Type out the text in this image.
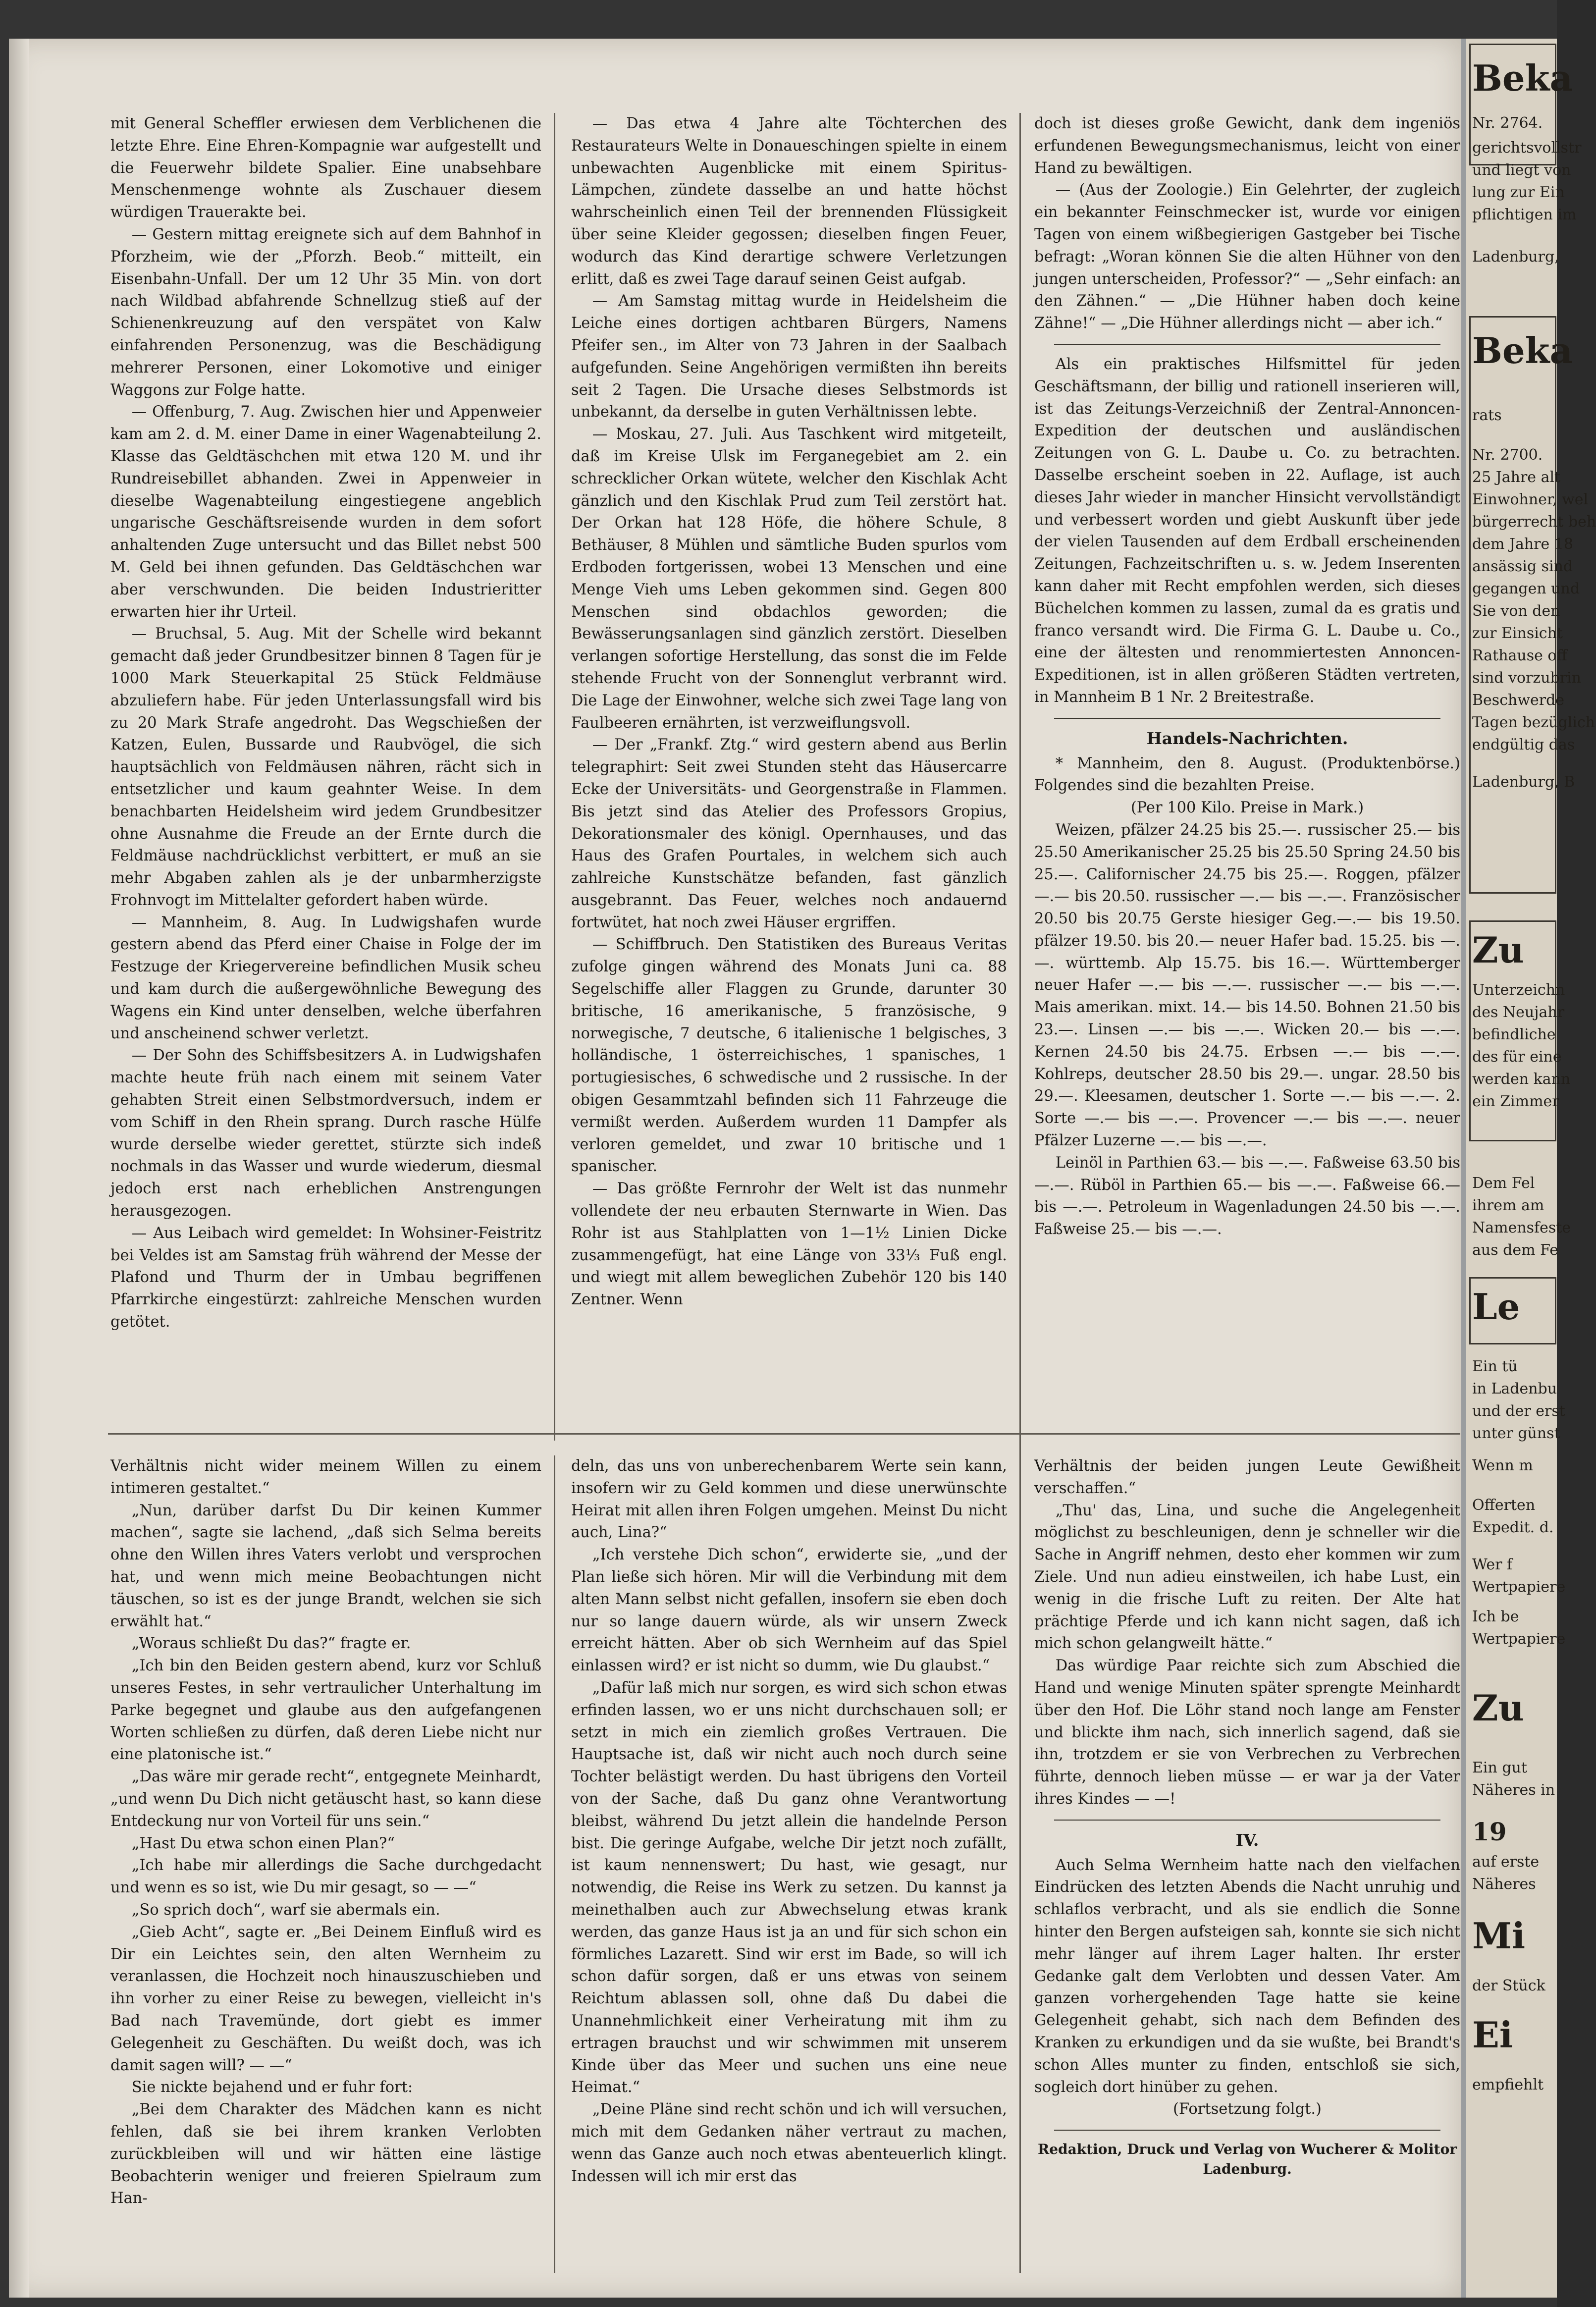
mit General Scheffler erwiesen dem Verblichenen die letzte Ehre. Eine Ehren-Kompagnie war aufgestellt und die Feuerwehr bildete Spalier. Eine unabsehbare Menschenmenge wohnte als Zuschauer diesem würdigen Trauerakte bei.

— Gestern mittag ereignete sich auf dem Bahnhof in Pforzheim, wie der „Pforzh. Beob.“ mitteilt, ein Eisenbahn-Unfall. Der um 12 Uhr 35 Min. von dort nach Wildbad abfahrende Schnellzug stieß auf der Schienenkreuzung auf den verspätet von Kalw einfahrenden Personenzug, was die Beschädigung mehrerer Personen, einer Lokomotive und einiger Waggons zur Folge hatte.

— Offenburg, 7. Aug. Zwischen hier und Appenweier kam am 2. d. M. einer Dame in einer Wagenabteilung 2. Klasse das Geldtäschchen mit etwa 120 M. und ihr Rundreisebillet abhanden. Zwei in Appenweier in dieselbe Wagenabteilung eingestiegene angeblich ungarische Geschäftsreisende wurden in dem sofort anhaltenden Zuge untersucht und das Billet nebst 500 M. Geld bei ihnen gefunden. Das Geldtäschchen war aber verschwunden. Die beiden Industrieritter erwarten hier ihr Urteil.

— Bruchsal, 5. Aug. Mit der Schelle wird bekannt gemacht daß jeder Grundbesitzer binnen 8 Tagen für je 1000 Mark Steuerkapital 25 Stück Feldmäuse abzuliefern habe. Für jeden Unterlassungsfall wird bis zu 20 Mark Strafe angedroht. Das Wegschießen der Katzen, Eulen, Bussarde und Raubvögel, die sich hauptsächlich von Feldmäusen nähren, rächt sich in entsetzlicher und kaum geahnter Weise. In dem benachbarten Heidelsheim wird jedem Grundbesitzer ohne Ausnahme die Freude an der Ernte durch die Feldmäuse nachdrücklichst verbittert, er muß an sie mehr Abgaben zahlen als je der unbarmherzigste Frohnvogt im Mittelalter gefordert haben würde.

— Mannheim, 8. Aug. In Ludwigshafen wurde gestern abend das Pferd einer Chaise in Folge der im Festzuge der Kriegervereine befindlichen Musik scheu und kam durch die außergewöhnliche Bewegung des Wagens ein Kind unter denselben, welche überfahren und anscheinend schwer verletzt.

— Der Sohn des Schiffsbesitzers A. in Ludwigshafen machte heute früh nach einem mit seinem Vater gehabten Streit einen Selbstmordversuch, indem er vom Schiff in den Rhein sprang. Durch rasche Hülfe wurde derselbe wieder gerettet, stürzte sich indeß nochmals in das Wasser und wurde wiederum, diesmal jedoch erst nach erheblichen Anstrengungen herausgezogen.

— Aus Leibach wird gemeldet: In Wohsiner-Feistritz bei Veldes ist am Samstag früh während der Messe der Plafond und Thurm der in Umbau begriffenen Pfarrkirche eingestürzt: zahlreiche Menschen wurden getötet.

— Das etwa 4 Jahre alte Töchterchen des Restaurateurs Welte in Donaueschingen spielte in einem unbewachten Augenblicke mit einem Spiritus-Lämpchen, zündete dasselbe an und hatte höchst wahrscheinlich einen Teil der brennenden Flüssigkeit über seine Kleider gegossen; dieselben fingen Feuer, wodurch das Kind derartige schwere Verletzungen erlitt, daß es zwei Tage darauf seinen Geist aufgab.

— Am Samstag mittag wurde in Heidelsheim die Leiche eines dortigen achtbaren Bürgers, Namens Pfeifer sen., im Alter von 73 Jahren in der Saalbach aufgefunden. Seine Angehörigen vermißten ihn bereits seit 2 Tagen. Die Ursache dieses Selbstmords ist unbekannt, da derselbe in guten Verhältnissen lebte.

— Moskau, 27. Juli. Aus Taschkent wird mitgeteilt, daß im Kreise Ulsk im Ferganegebiet am 2. ein schrecklicher Orkan wütete, welcher den Kischlak Acht gänzlich und den Kischlak Prud zum Teil zerstört hat. Der Orkan hat 128 Höfe, die höhere Schule, 8 Bethäuser, 8 Mühlen und sämtliche Buden spurlos vom Erdboden fortgerissen, wobei 13 Menschen und eine Menge Vieh ums Leben gekommen sind. Gegen 800 Menschen sind obdachlos geworden; die Bewässerungsanlagen sind gänzlich zerstört. Dieselben verlangen sofortige Herstellung, das sonst die im Felde stehende Frucht von der Sonnenglut verbrannt wird. Die Lage der Einwohner, welche sich zwei Tage lang von Faulbeeren ernährten, ist verzweiflungsvoll.

— Der „Frankf. Ztg.“ wird gestern abend aus Berlin telegraphirt: Seit zwei Stunden steht das Häusercarre Ecke der Universitäts- und Georgenstraße in Flammen. Bis jetzt sind das Atelier des Professors Gropius, Dekorationsmaler des königl. Opernhauses, und das Haus des Grafen Pourtales, in welchem sich auch zahlreiche Kunstschätze befanden, fast gänzlich ausgebrannt. Das Feuer, welches noch andauernd fortwütet, hat noch zwei Häuser ergriffen.

— Schiffbruch. Den Statistiken des Bureaus Veritas zufolge gingen während des Monats Juni ca. 88 Segelschiffe aller Flaggen zu Grunde, darunter 30 britische, 16 amerikanische, 5 französische, 9 norwegische, 7 deutsche, 6 italienische 1 belgisches, 3 holländische, 1 österreichisches, 1 spanisches, 1 portugiesisches, 6 schwedische und 2 russische. In der obigen Gesammtzahl befinden sich 11 Fahrzeuge die vermißt werden. Außerdem wurden 11 Dampfer als verloren gemeldet, und zwar 10 britische und 1 spanischer.

— Das größte Fernrohr der Welt ist das nunmehr vollendete der neu erbauten Sternwarte in Wien. Das Rohr ist aus Stahlplatten von 1—1½ Linien Dicke zusammengefügt, hat eine Länge von 33⅓ Fuß engl. und wiegt mit allem beweglichen Zubehör 120 bis 140 Zentner. Wenn

doch ist dieses große Gewicht, dank dem ingeniös erfundenen Bewegungsmechanismus, leicht von einer Hand zu bewältigen.

— (Aus der Zoologie.) Ein Gelehrter, der zugleich ein bekannter Feinschmecker ist, wurde vor einigen Tagen von einem wißbegierigen Gastgeber bei Tische befragt: „Woran können Sie die alten Hühner von den jungen unterscheiden, Professor?“ — „Sehr einfach: an den Zähnen.“ — „Die Hühner haben doch keine Zähne!“ — „Die Hühner allerdings nicht — aber ich.“

Als ein praktisches Hilfsmittel für jeden Geschäftsmann, der billig und rationell inserieren will, ist das Zeitungs-Verzeichniß der Zentral-Annoncen-Expedition der deutschen und ausländischen Zeitungen von G. L. Daube u. Co. zu betrachten. Dasselbe erscheint soeben in 22. Auflage, ist auch dieses Jahr wieder in mancher Hinsicht vervollständigt und verbessert worden und giebt Auskunft über jede der vielen Tausenden auf dem Erdball erscheinenden Zeitungen, Fachzeitschriften u. s. w. Jedem Inserenten kann daher mit Recht empfohlen werden, sich dieses Büchelchen kommen zu lassen, zumal da es gratis und franco versandt wird. Die Firma G. L. Daube u. Co., eine der ältesten und renommiertesten Annoncen-Expeditionen, ist in allen größeren Städten vertreten, in Mannheim B 1 Nr. 2 Breitestraße.

Handels-Nachrichten.

* Mannheim, den 8. August. (Produktenbörse.) Folgendes sind die bezahlten Preise.

(Per 100 Kilo. Preise in Mark.)

Weizen, pfälzer 24.25 bis 25.—. russischer 25.— bis 25.50 Amerikanischer 25.25 bis 25.50 Spring 24.50 bis 25.—. Californischer 24.75 bis 25.—. Roggen, pfälzer —.— bis 20.50. russischer —.— bis —.—. Französischer 20.50 bis 20.75 Gerste hiesiger Geg.—.— bis 19.50. pfälzer 19.50. bis 20.— neuer Hafer bad. 15.25. bis —.—. württemb. Alp 15.75. bis 16.—. Württemberger neuer Hafer —.— bis —.—. russischer —.— bis —.—. Mais amerikan. mixt. 14.— bis 14.50. Bohnen 21.50 bis 23.—. Linsen —.— bis —.—. Wicken 20.— bis —.—. Kernen 24.50 bis 24.75. Erbsen —.— bis —.—. Kohlreps, deutscher 28.50 bis 29.—. ungar. 28.50 bis 29.—. Kleesamen, deutscher 1. Sorte —.— bis —.—. 2. Sorte —.— bis —.—. Provencer —.— bis —.—. neuer Pfälzer Luzerne —.— bis —.—.

Leinöl in Parthien 63.— bis —.—. Faßweise 63.50 bis —.—. Rüböl in Parthien 65.— bis —.—. Faßweise 66.— bis —.—. Petroleum in Wagenladungen 24.50 bis —.—. Faßweise 25.— bis —.—.

Verhältnis nicht wider meinem Willen zu einem intimeren gestaltet.“

„Nun, darüber darfst Du Dir keinen Kummer machen“, sagte sie lachend, „daß sich Selma bereits ohne den Willen ihres Vaters verlobt und versprochen hat, und wenn mich meine Beobachtungen nicht täuschen, so ist es der junge Brandt, welchen sie sich erwählt hat.“

„Woraus schließt Du das?“ fragte er.

„Ich bin den Beiden gestern abend, kurz vor Schluß unseres Festes, in sehr vertraulicher Unterhaltung im Parke begegnet und glaube aus den aufgefangenen Worten schließen zu dürfen, daß deren Liebe nicht nur eine platonische ist.“

„Das wäre mir gerade recht“, entgegnete Meinhardt, „und wenn Du Dich nicht getäuscht hast, so kann diese Entdeckung nur von Vorteil für uns sein.“

„Hast Du etwa schon einen Plan?“

„Ich habe mir allerdings die Sache durchgedacht und wenn es so ist, wie Du mir gesagt, so — —“

„So sprich doch“, warf sie abermals ein.

„Gieb Acht“, sagte er. „Bei Deinem Einfluß wird es Dir ein Leichtes sein, den alten Wernheim zu veranlassen, die Hochzeit noch hinauszuschieben und ihn vorher zu einer Reise zu bewegen, vielleicht in's Bad nach Travemünde, dort giebt es immer Gelegenheit zu Geschäften. Du weißt doch, was ich damit sagen will? — —“

Sie nickte bejahend und er fuhr fort:

„Bei dem Charakter des Mädchen kann es nicht fehlen, daß sie bei ihrem kranken Verlobten zurückbleiben will und wir hätten eine lästige Beobachterin weniger und freieren Spielraum zum Han-

deln, das uns von unberechenbarem Werte sein kann, insofern wir zu Geld kommen und diese unerwünschte Heirat mit allen ihren Folgen umgehen. Meinst Du nicht auch, Lina?“

„Ich verstehe Dich schon“, erwiderte sie, „und der Plan ließe sich hören. Mir will die Verbindung mit dem alten Mann selbst nicht gefallen, insofern sie eben doch nur so lange dauern würde, als wir unsern Zweck erreicht hätten. Aber ob sich Wernheim auf das Spiel einlassen wird? er ist nicht so dumm, wie Du glaubst.“

„Dafür laß mich nur sorgen, es wird sich schon etwas erfinden lassen, wo er uns nicht durchschauen soll; er setzt in mich ein ziemlich großes Vertrauen. Die Hauptsache ist, daß wir nicht auch noch durch seine Tochter belästigt werden. Du hast übrigens den Vorteil von der Sache, daß Du ganz ohne Verantwortung bleibst, während Du jetzt allein die handelnde Person bist. Die geringe Aufgabe, welche Dir jetzt noch zufällt, ist kaum nennenswert; Du hast, wie gesagt, nur notwendig, die Reise ins Werk zu setzen. Du kannst ja meinethalben auch zur Abwechselung etwas krank werden, das ganze Haus ist ja an und für sich schon ein förmliches Lazarett. Sind wir erst im Bade, so will ich schon dafür sorgen, daß er uns etwas von seinem Reichtum ablassen soll, ohne daß Du dabei die Unannehmlichkeit einer Verheiratung mit ihm zu ertragen brauchst und wir schwimmen mit unserem Kinde über das Meer und suchen uns eine neue Heimat.“

„Deine Pläne sind recht schön und ich will versuchen, mich mit dem Gedanken näher vertraut zu machen, wenn das Ganze auch noch etwas abenteuerlich klingt. Indessen will ich mir erst das

Verhältnis der beiden jungen Leute Gewißheit verschaffen.“

„Thu' das, Lina, und suche die Angelegenheit möglichst zu beschleunigen, denn je schneller wir die Sache in Angriff nehmen, desto eher kommen wir zum Ziele. Und nun adieu einstweilen, ich habe Lust, ein wenig in die frische Luft zu reiten. Der Alte hat prächtige Pferde und ich kann nicht sagen, daß ich mich schon gelangweilt hätte.“

Das würdige Paar reichte sich zum Abschied die Hand und wenige Minuten später sprengte Meinhardt über den Hof. Die Löhr stand noch lange am Fenster und blickte ihm nach, sich innerlich sagend, daß sie ihn, trotzdem er sie von Verbrechen zu Verbrechen führte, dennoch lieben müsse — er war ja der Vater ihres Kindes — —!

IV.

Auch Selma Wernheim hatte nach den vielfachen Eindrücken des letzten Abends die Nacht unruhig und schlaflos verbracht, und als sie endlich die Sonne hinter den Bergen aufsteigen sah, konnte sie sich nicht mehr länger auf ihrem Lager halten. Ihr erster Gedanke galt dem Verlobten und dessen Vater. Am ganzen vorhergehenden Tage hatte sie keine Gelegenheit gehabt, sich nach dem Befinden des Kranken zu erkundigen und da sie wußte, bei Brandt's schon Alles munter zu finden, entschloß sie sich, sogleich dort hinüber zu gehen.

(Fortsetzung folgt.)

Redaktion, Druck und Verlag von Wucherer & Molitor Ladenburg.

Beka
Nr. 2764.
gerichtsvollstr
und liegt von
lung zur Ein
pflichtigen im
Ladenburg,
Beka
rats
Nr. 2700.
25 Jahre alt
Einwohner, wel
bürgerrecht beh
dem Jahre 18
ansässig sind
gegangen und
Sie von den
zur Einsicht
Rathause off
sind vorzubrin
Beschwerde
Tagen bezüglich
endgültig das
Ladenburg, B
Zu
Unterzeichn
des Neujahr
befindliche
des für eine
werden kann
ein Zimmer
Dem Fel
ihrem am
Namensfeste
aus dem Fe
Le
Ein tü
in Ladenbu
und der erst
unter günst
Wenn m
Offerten
Expedit. d.
Wer f
Wertpapiere
Ich be
Wertpapiere
Zu
Ein gut
Näheres in
19
auf erste
Näheres
Mi
der Stück
Ei
empfiehlt
